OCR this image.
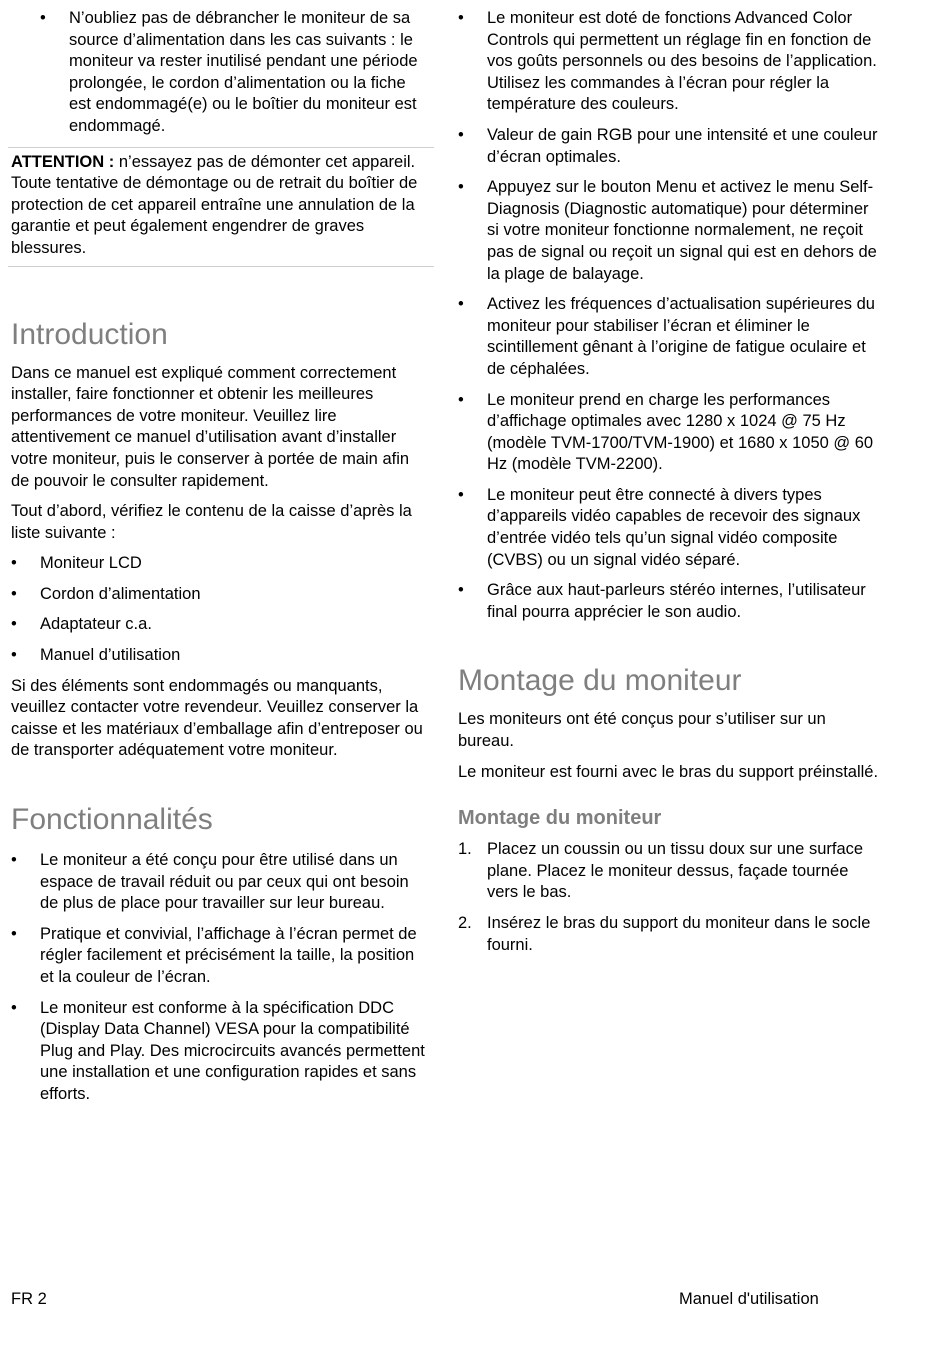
• N’oubliez pas de débrancher le moniteur de sa source d’alimentation dans les cas suivants : le moniteur va rester inutilisé pendant une période prolongée, le cordon d’alimentation ou la fiche est endommagé(e) ou le boîtier du moniteur est endommagé.

ATTENTION : n’essayez pas de démonter cet appareil. Toute tentative de démontage ou de retrait du boîtier de protection de cet appareil entraîne une annulation de la garantie et peut également engendrer de graves blessures.

Introduction

Dans ce manuel est expliqué comment correctement installer, faire fonctionner et obtenir les meilleures performances de votre moniteur. Veuillez lire attentivement ce manuel d’utilisation avant d’installer votre moniteur, puis le conserver à portée de main afin de pouvoir le consulter rapidement.

Tout d’abord, vérifiez le contenu de la caisse d’après la liste suivante :

• Moniteur LCD
• Cordon d’alimentation
• Adaptateur c.a.
• Manuel d’utilisation

Si des éléments sont endommagés ou manquants, veuillez contacter votre revendeur. Veuillez conserver la caisse et les matériaux d’emballage afin d’entreposer ou de transporter adéquatement votre moniteur.

Fonctionnalités
• Le moniteur a été conçu pour être utilisé dans un espace de travail réduit ou par ceux qui ont besoin de plus de place pour travailler sur leur bureau.
• Pratique et convivial, l’affichage à l’écran permet de régler facilement et précisément la taille, la position et la couleur de l’écran.
• Le moniteur est conforme à la spécification DDC (Display Data Channel) VESA pour la compatibilité Plug and Play. Des microcircuits avancés permettent une installation et une configuration rapides et sans efforts.
• Le moniteur est doté de fonctions Advanced Color Controls qui permettent un réglage fin en fonction de vos goûts personnels ou des besoins de l’application. Utilisez les commandes à l’écran pour régler la température des couleurs.
• Valeur de gain RGB pour une intensité et une couleur d’écran optimales.
• Appuyez sur le bouton Menu et activez le menu Self-Diagnosis (Diagnostic automatique) pour déterminer si votre moniteur fonctionne normalement, ne reçoit pas de signal ou reçoit un signal qui est en dehors de la plage de balayage.
• Activez les fréquences d’actualisation supérieures du moniteur pour stabiliser l’écran et éliminer le scintillement gênant à l’origine de fatigue oculaire et de céphalées.
• Le moniteur prend en charge les performances d’affichage optimales avec 1280 x 1024 @ 75 Hz (modèle TVM-1700/TVM-1900) et 1680 x 1050 @ 60 Hz (modèle TVM-2200).
• Le moniteur peut être connecté à divers types d’appareils vidéo capables de recevoir des signaux d’entrée vidéo tels qu’un signal vidéo composite (CVBS) ou un signal vidéo séparé.
• Grâce aux haut-parleurs stéréo internes, l’utilisateur final pourra apprécier le son audio.
Montage du moniteur

Les moniteurs ont été conçus pour s’utiliser sur un bureau.

Le moniteur est fourni avec le bras du support préinstallé.

Montage du moniteur
1. Placez un coussin ou un tissu doux sur une surface plane. Placez le moniteur dessus, façade tournée vers le bas.
2. Insérez le bras du support du moniteur dans le socle fourni.
FR 2	Manuel d'utilisation
